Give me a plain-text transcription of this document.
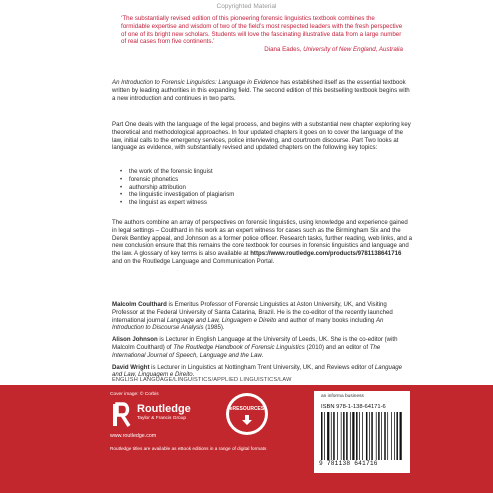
Copyrighted Material
‘The substantially revised edition of this pioneering forensic linguistics textbook combines the formidable expertise and wisdom of two of the field’s most respected leaders with the fresh perspective of one of its bright new scholars. Students will love the fascinating illustrative data from a large number of real cases from five continents.’
Diana Eades, University of New England, Australia
An Introduction to Forensic Linguistics: Language in Evidence has established itself as the essential textbook written by leading authorities in this expanding field. The second edition of this bestselling textbook begins with a new introduction and continues in two parts.
Part One deals with the language of the legal process, and begins with a substantial new chapter exploring key theoretical and methodological approaches. In four updated chapters it goes on to cover the language of the law, initial calls to the emergency services, police interviewing, and courtroom discourse. Part Two looks at language as evidence, with substantially revised and updated chapters on the following key topics:
• the work of the forensic linguist
• forensic phonetics
• authorship attribution
• the linguistic investigation of plagiarism
• the linguist as expert witness
The authors combine an array of perspectives on forensic linguistics, using knowledge and experience gained in legal settings – Coulthard in his work as an expert witness for cases such as the Birmingham Six and the Derek Bentley appeal, and Johnson as a former police officer. Research tasks, further reading, web links, and a new conclusion ensure that this remains the core textbook for courses in forensic linguistics and language and the law. A glossary of key terms is also available at https://www.routledge.com/products/9781138641716 and on the Routledge Language and Communication Portal.
Malcolm Coulthard is Emeritus Professor of Forensic Linguistics at Aston University, UK, and Visiting Professor at the Federal University of Santa Catarina, Brazil. He is the co-editor of the recently launched international journal Language and Law, Linguagem e Direito and author of many books including An Introduction to Discourse Analysis (1985).
Alison Johnson is Lecturer in English Language at the University of Leeds, UK. She is the co-editor (with Malcolm Coulthard) of The Routledge Handbook of Forensic Linguistics (2010) and an editor of The International Journal of Speech, Language and the Law.
David Wright is Lecturer in Linguistics at Nottingham Trent University, UK, and Reviews editor of Language and Law, Linguagem e Direito.
ENGLISH LANGUAGE/LINGUISTICS/APPLIED LINGUISTICS/LAW
Cover image: © Corbis
Routledge
Taylor & Francis Group
www.routledge.com
Routledge titles are available as eBook editions in a range of digital formats
eRESOURCES
an informa business
ISBN 978-1-138-64171-6
9 781138 641716
